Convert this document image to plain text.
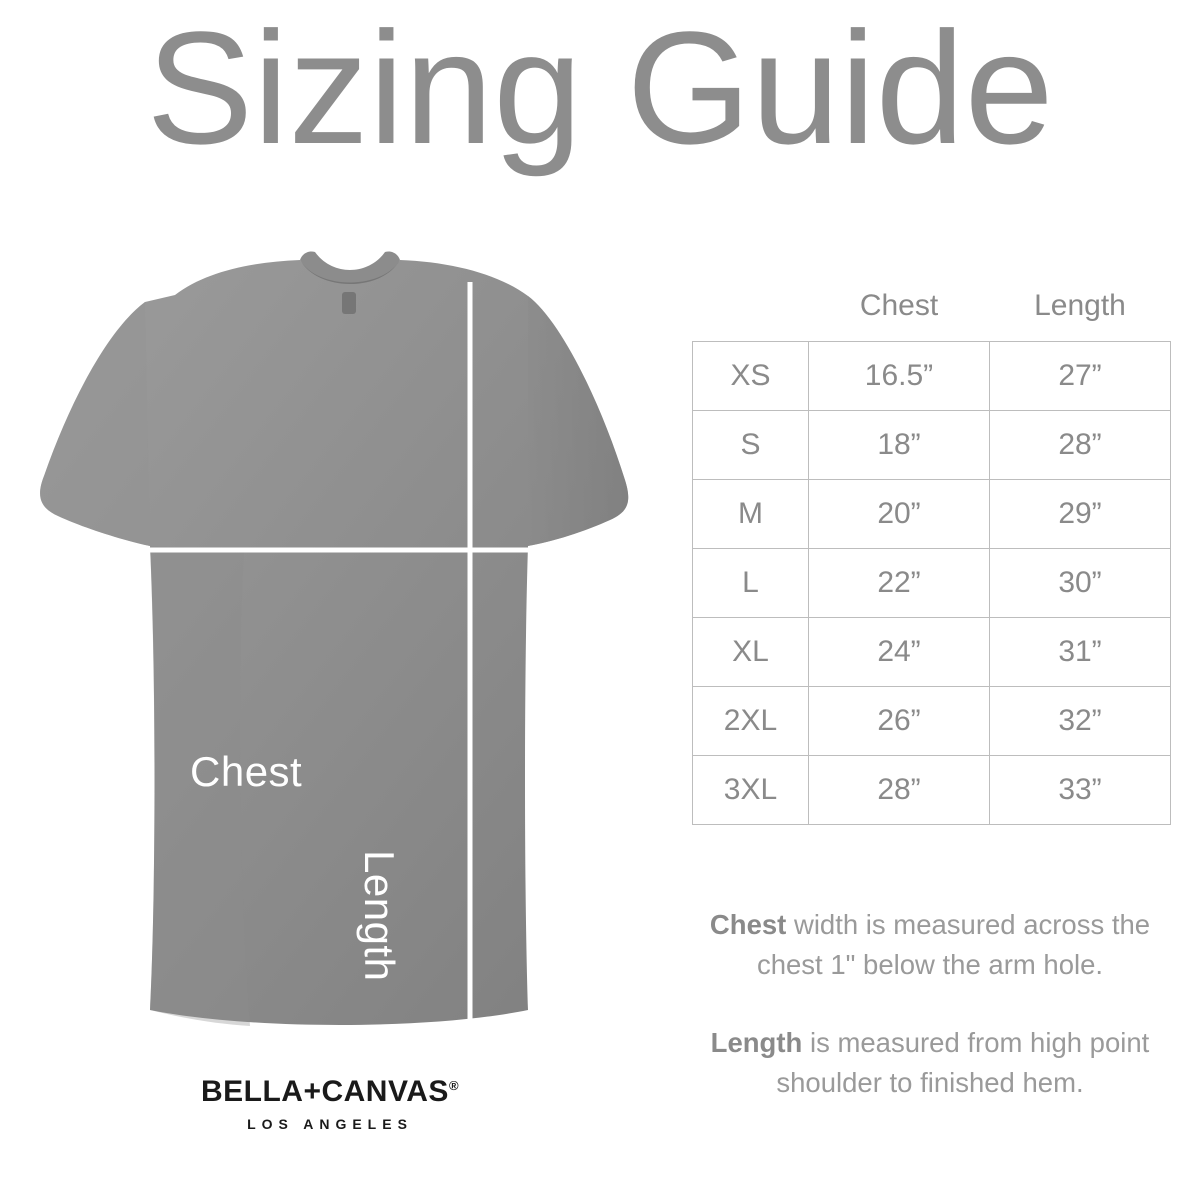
Sizing Guide
Chest
Length
BELLA+CANVAS®
LOS ANGELES
	Chest	Length
XS	16.5”	27”
S	18”	28”
M	20”	29”
L	22”	30”
XL	24”	31”
2XL	26”	32”
3XL	28”	33”

Chest width is measured across the chest 1" below the arm hole.

Length is measured from high point shoulder to finished hem.
